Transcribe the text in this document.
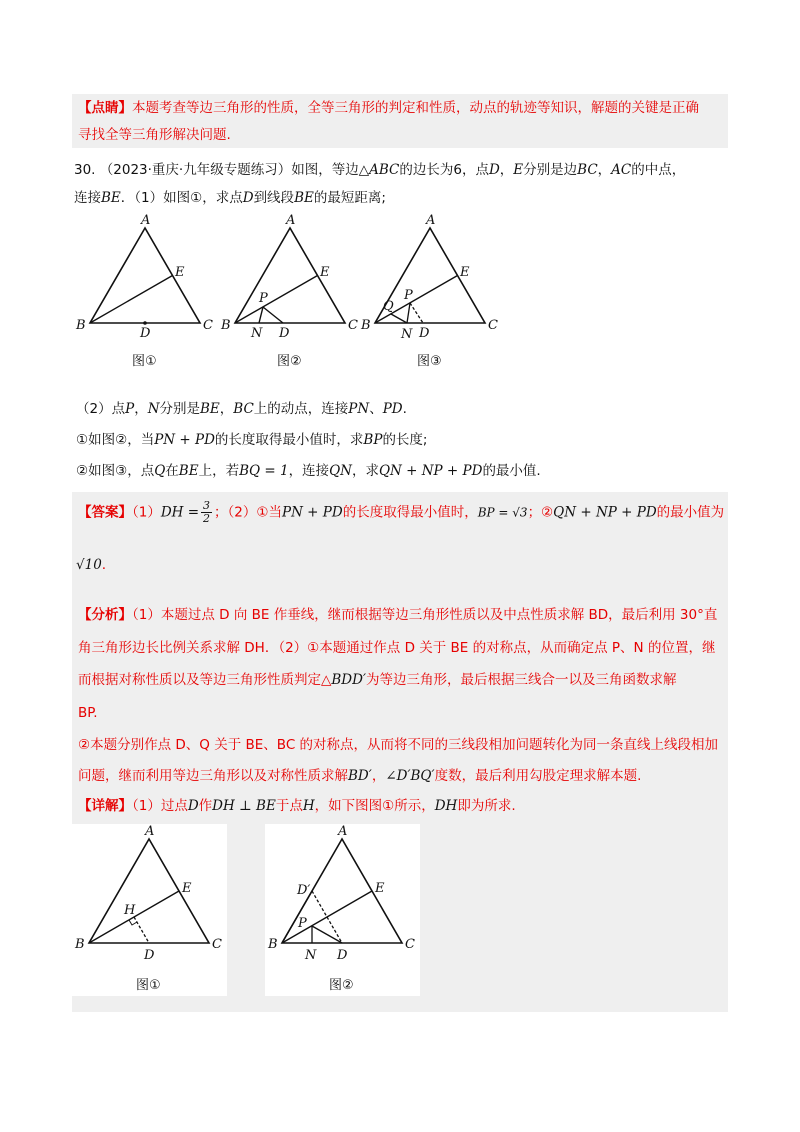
【点睛】本题考查等边三角形的性质，全等三角形的判定和性质，动点的轨迹等知识，解题的关键是正确
寻找全等三角形解决问题.
30. （2023·重庆·九年级专题练习）如图，等边△ABC的边长为6，点D，E分别是边BC，AC的中点，
连接BE．（1）如图①，求点D到线段BE的最短距离;
A
B	C
D
E
图①
A
B	C
D
E
P
N
图②
A
B	C
D
E
P
N
Q
图③
（2）点P，N分别是BE，BC上的动点，连接PN、PD.
①如图②，当PN + PD的长度取得最小值时，求BP的长度;
②如图③，点Q在BE上，若BQ = 1，连接QN，求QN + NP + PD的最小值.
【答案】$(1)DH = \frac{3}{2}$ ；（2）①当PN + PD的长度取得最小值时，BP = √3；②QN + NP + PD的最小值为
√10.
【分析】（1）本题过点 D 向 BE 作垂线，继而根据等边三角形性质以及中点性质求解 BD，最后利用 30°直
角三角形边长比例关系求解 DH．（2）①本题通过作点 D 关于 BE 的对称点，从而确定点 P、N 的位置，继
而根据对称性质以及等边三角形性质判定△BDD′为等边三角形，最后根据三线合一以及三角函数求解
BP.
②本题分别作点 D、Q 关于 BE、BC 的对称点，从而将不同的三线段相加问题转化为同一条直线上线段相加
问题，继而利用等边三角形以及对称性质求解BD′，∠D′BQ′度数，最后利用勾股定理求解本题.
【详解】（1）过点D作DH ⊥ BE于点H，如下图图①所示，DH即为所求.
A
B	C
D
E
H
图①
A
B	C
D
E
D′
P
N
图②
